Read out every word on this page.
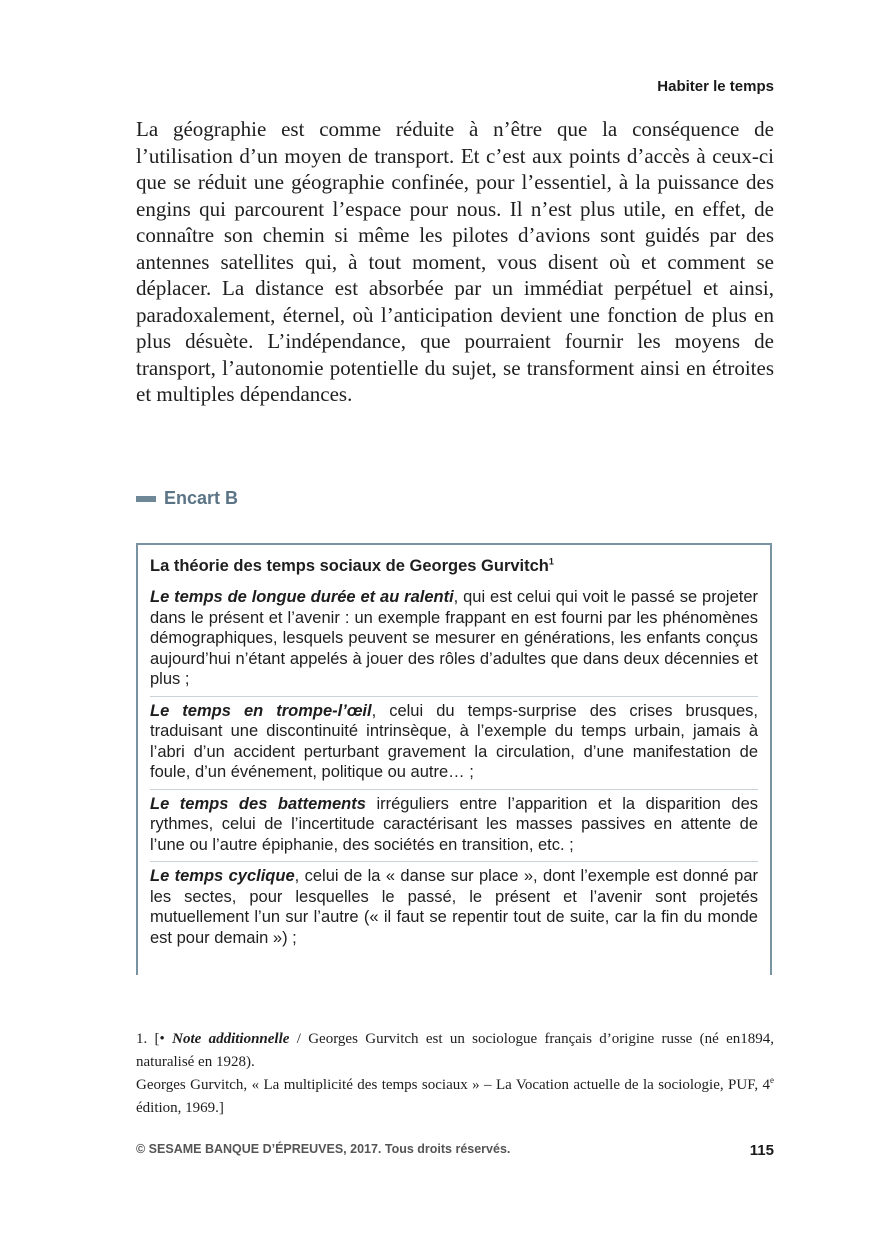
Habiter le temps

La géographie est comme réduite à n’être que la conséquence de l’utilisation d’un moyen de transport. Et c’est aux points d’accès à ceux-ci que se réduit une géographie confinée, pour l’essentiel, à la puissance des engins qui parcourent l’espace pour nous. Il n’est plus utile, en effet, de connaître son chemin si même les pilotes d’avions sont guidés par des antennes satellites qui, à tout moment, vous disent où et comment se déplacer. La distance est absorbée par un immédiat perpétuel et ainsi, paradoxalement, éternel, où l’anticipation devient une fonction de plus en plus désuète. L’indépendance, que pourraient fournir les moyens de transport, l’autonomie potentielle du sujet, se transforment ainsi en étroites et multiples dépendances.

Encart B
La théorie des temps sociaux de Georges Gurvitch$^1$

Le temps de longue durée et au ralenti, qui est celui qui voit le passé se projeter dans le présent et l’avenir : un exemple frappant en est fourni par les phénomènes démographiques, lesquels peuvent se mesurer en générations, les enfants conçus aujourd’hui n’étant appelés à jouer des rôles d’adultes que dans deux décennies et plus ;

Le temps en trompe-l’œil, celui du temps-surprise des crises brusques, traduisant une discontinuité intrinsèque, à l’exemple du temps urbain, jamais à l’abri d’un accident perturbant gravement la circulation, d’une manifestation de foule, d’un événement, politique ou autre… ;

Le temps des battements irréguliers entre l’apparition et la disparition des rythmes, celui de l’incertitude caractérisant les masses passives en attente de l’une ou l’autre épiphanie, des sociétés en transition, etc. ;

Le temps cyclique, celui de la « danse sur place », dont l’exemple est donné par les sectes, pour lesquelles le passé, le présent et l’avenir sont projetés mutuellement l’un sur l’autre (« il faut se repentir tout de suite, car la fin du monde est pour demain ») ;

1. [• Note additionnelle / Georges Gurvitch est un sociologue français d’origine russe (né en1894, naturalisé en 1928).

Georges Gurvitch, « La multiplicité des temps sociaux » – La Vocation actuelle de la sociologie, PUF, 4e édition, 1969.]

© SESAME BANQUE D’ÉPREUVES, 2017. Tous droits réservés.	115
